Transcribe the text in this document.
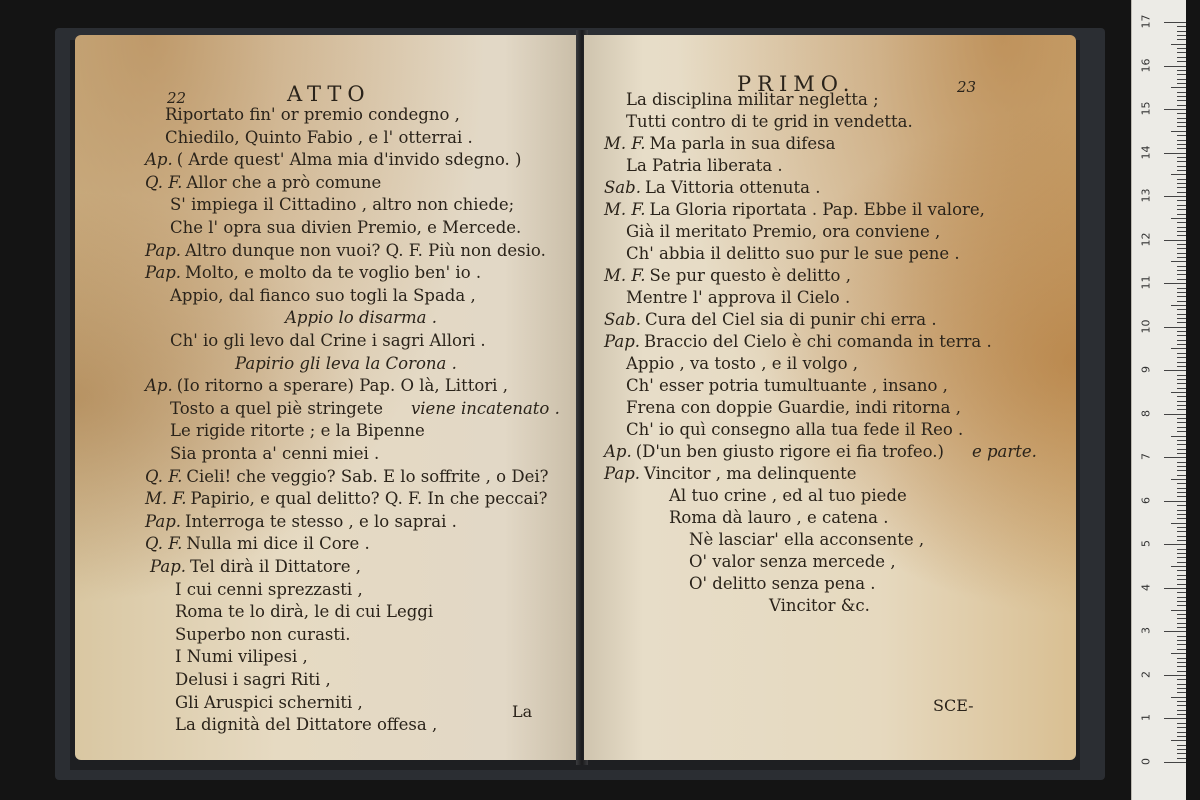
22	ATTO
Riportato fin' or premio condegno ,
Chiedilo, Quinto Fabio , e l' otterrai .
Ap. ( Arde quest' Alma mia d'invido sdegno. )
Q. F. Allor che a prò comune
S' impiega il Cittadino , altro non chiede;
Che l' opra sua divien Premio, e Mercede.
Pap. Altro dunque non vuoi? Q. F. Più non desio.
Pap. Molto, e molto da te voglio ben' io .
Appio, dal fianco suo togli la Spada ,
Appio lo disarma .
Ch' io gli levo dal Crine i sagri Allori .
Papirio gli leva la Corona .
Ap. (Io ritorno a sperare) Pap. O là, Littori ,
Tosto a quel piè stringete viene incatenato .
Le rigide ritorte ; e la Bipenne
Sia pronta a' cenni miei .
Q. F. Cieli! che veggio? Sab. E lo soffrite , o Dei?
M. F. Papirio, e qual delitto? Q. F. In che peccai?
Pap. Interroga te stesso , e lo saprai .
Q. F. Nulla mi dice il Core .
Pap. Tel dirà il Dittatore ,
I cui cenni sprezzasti ,
Roma te lo dirà, le di cui Leggi
Superbo non curasti.
I Numi vilipesi ,
Delusi i sagri Riti ,
Gli Aruspici scherniti ,
La dignità del Dittatore offesa ,
La
PRIMO.	23
La disciplina militar negletta ;
Tutti contro di te grid in vendetta.
M. F. Ma parla in sua difesa
La Patria liberata .
Sab. La Vittoria ottenuta .
M. F. La Gloria riportata . Pap. Ebbe il valore,
Già il meritato Premio, ora conviene ,
Ch' abbia il delitto suo pur le sue pene .
M. F. Se pur questo è delitto ,
Mentre l' approva il Cielo .
Sab. Cura del Ciel sia di punir chi erra .
Pap. Braccio del Cielo è chi comanda in terra .
Appio , va tosto , e il volgo ,
Ch' esser potria tumultuante , insano ,
Frena con doppie Guardie, indi ritorna ,
Ch' io quì consegno alla tua fede il Reo .
Ap. (D'un ben giusto rigore ei fia trofeo.) e parte.
Pap. Vincitor , ma delinquente
Al tuo crine , ed al tuo piede
Roma dà lauro , e catena .
Nè lasciar' ella acconsente ,
O' valor senza mercede ,
O' delitto senza pena .
Vincitor &c.
SCE-
0
1
2
3
4
5
6
7
8
9
10
11
12
13
14
15
16
17
